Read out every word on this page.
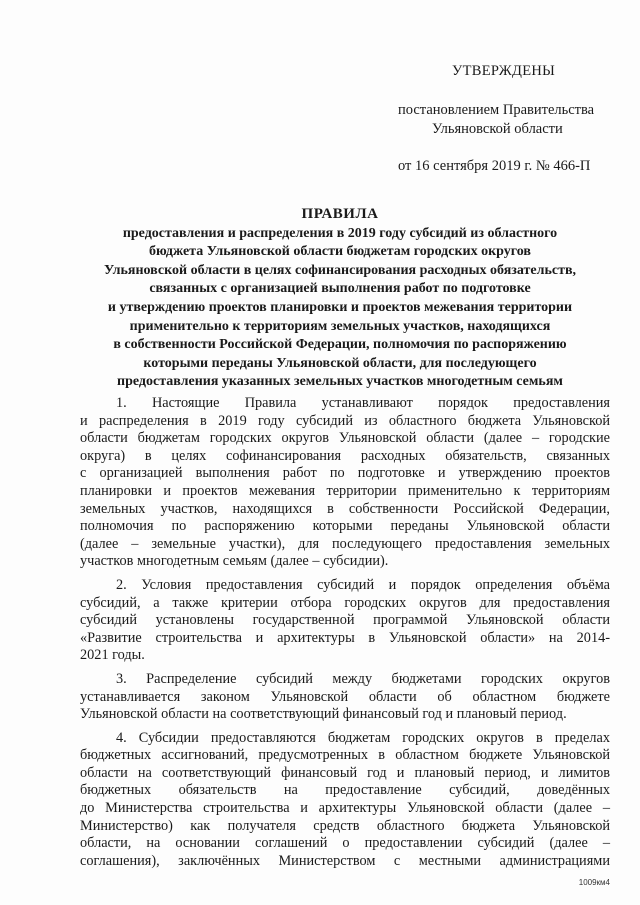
УТВЕРЖДЕНЫ
постановлением Правительства
Ульяновской области
от 16 сентября 2019 г. № 466-П
ПРАВИЛА
предоставления и распределения в 2019 году субсидий из областного
бюджета Ульяновской области бюджетам городских округов
Ульяновской области в целях софинансирования расходных обязательств,
связанных с организацией выполнения работ по подготовке
и утверждению проектов планировки и проектов межевания территории
применительно к территориям земельных участков, находящихся
в собственности Российской Федерации, полномочия по распоряжению
которыми переданы Ульяновской области, для последующего
предоставления указанных земельных участков многодетным семьям
1. Настоящие Правила устанавливают порядок предоставления
и распределения в 2019 году субсидий из областного бюджета Ульяновской
области бюджетам городских округов Ульяновской области (далее – городские
округа) в целях софинансирования расходных обязательств, связанных
с организацией выполнения работ по подготовке и утверждению проектов
планировки и проектов межевания территории применительно к территориям
земельных участков, находящихся в собственности Российской Федерации,
полномочия по распоряжению которыми переданы Ульяновской области
(далее – земельные участки), для последующего предоставления земельных
участков многодетным семьям (далее – субсидии).
2. Условия предоставления субсидий и порядок определения объёма
субсидий, а также критерии отбора городских округов для предоставления
субсидий установлены государственной программой Ульяновской области
«Развитие строительства и архитектуры в Ульяновской области» на 2014-
2021 годы.
3. Распределение субсидий между бюджетами городских округов
устанавливается законом Ульяновской области об областном бюджете
Ульяновской области на соответствующий финансовый год и плановый период.
4. Субсидии предоставляются бюджетам городских округов в пределах
бюджетных ассигнований, предусмотренных в областном бюджете Ульяновской
области на соответствующий финансовый год и плановый период, и лимитов
бюджетных обязательств на предоставление субсидий, доведённых
до Министерства строительства и архитектуры Ульяновской области (далее –
Министерство) как получателя средств областного бюджета Ульяновской
области, на основании соглашений о предоставлении субсидий (далее –
соглашения), заключённых Министерством с местными администрациями
1009км4
